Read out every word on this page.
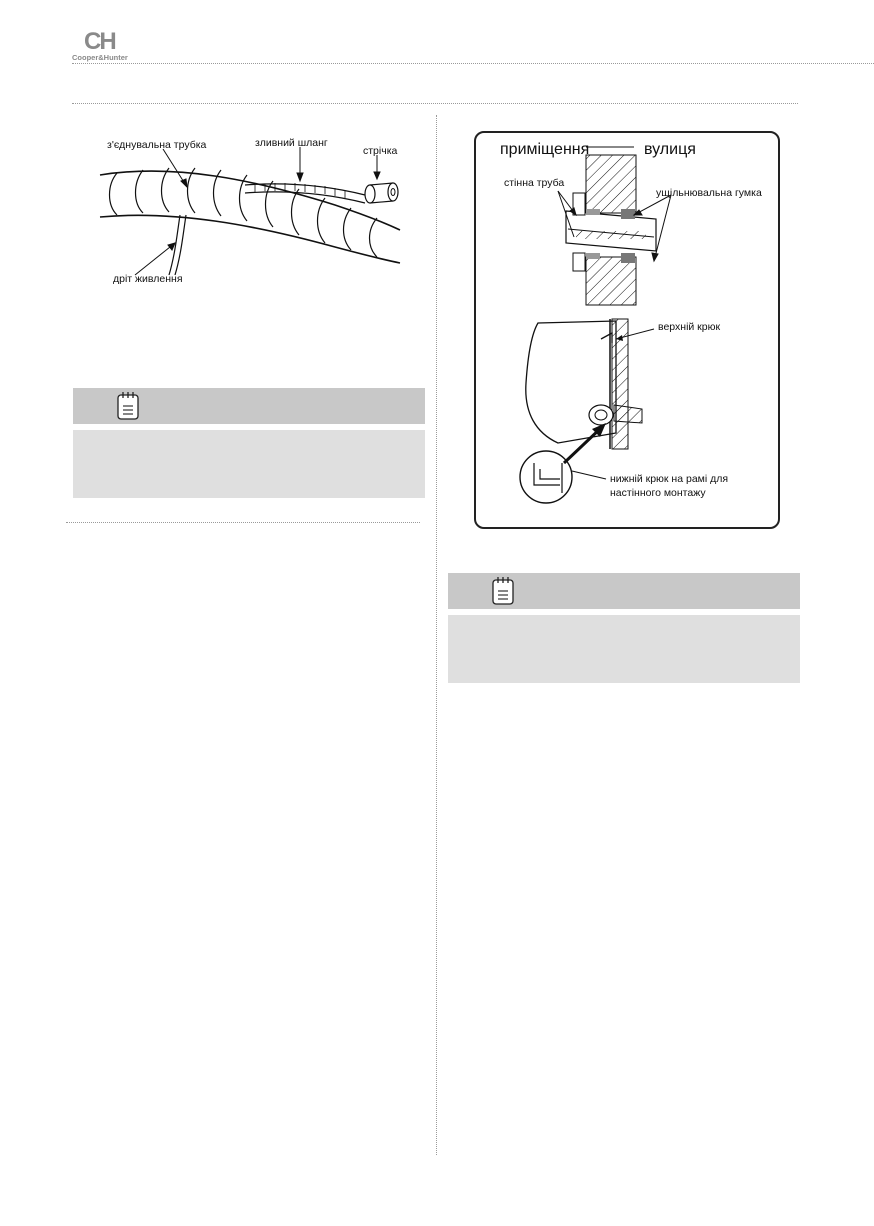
CH
Cooper&Hunter
з'єднувальна трубка	зливний шланг
стрічка
дріт живлення
приміщення	вулиця
стінна труба
ущільнювальна гумка
верхній крюк
нижній крюк на рамі для
настінного монтажу
